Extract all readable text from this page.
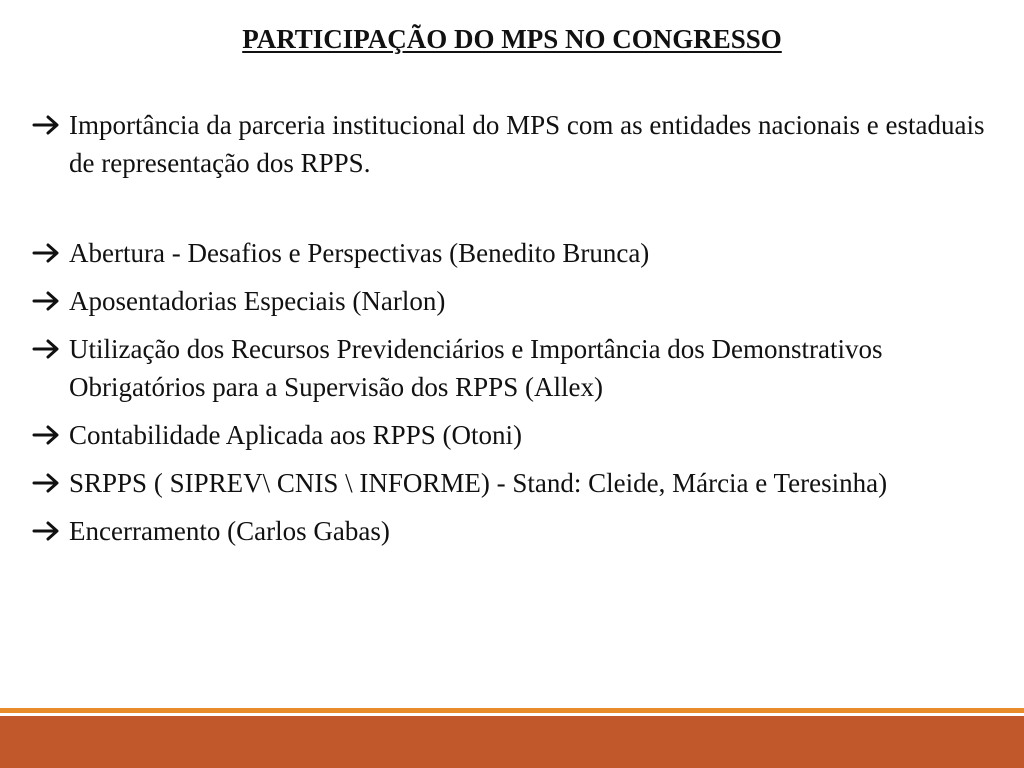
PARTICIPAÇÃO DO MPS NO CONGRESSO
Importância da parceria institucional do MPS com as entidades nacionais e estaduais de representação dos RPPS.
Abertura - Desafios e Perspectivas (Benedito Brunca)
Aposentadorias Especiais (Narlon)
Utilização dos Recursos Previdenciários e Importância dos Demonstrativos Obrigatórios para a Supervisão dos RPPS (Allex)
Contabilidade Aplicada aos RPPS (Otoni)
SRPPS ( SIPREV\ CNIS \ INFORME) - Stand: Cleide, Márcia e Teresinha)
Encerramento (Carlos Gabas)
